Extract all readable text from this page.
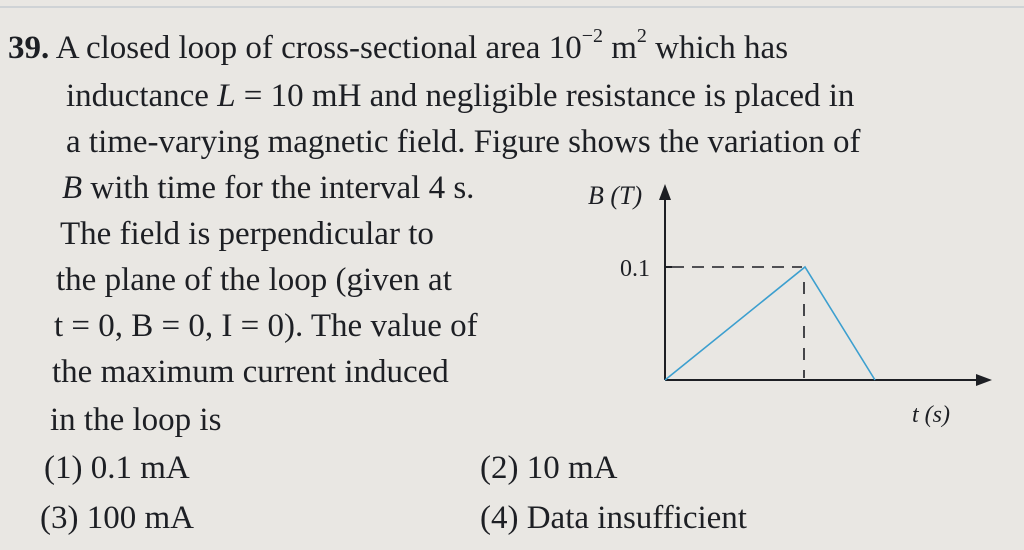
39. A closed loop of cross-sectional area $10^{-2}$ $m^2$ which has
inductance L = 10 mH and negligible resistance is placed in
a time-varying magnetic field. Figure shows the variation of
B with time for the interval 4 s.
The field is perpendicular to
the plane of the loop (given at
t = 0, B = 0, I = 0). The value of
the maximum current induced
in the loop is
B (T)
0.1
t (s)
(1) 0.1 mA	(2) 10 mA
(3) 100 mA	(4) Data insufficient
